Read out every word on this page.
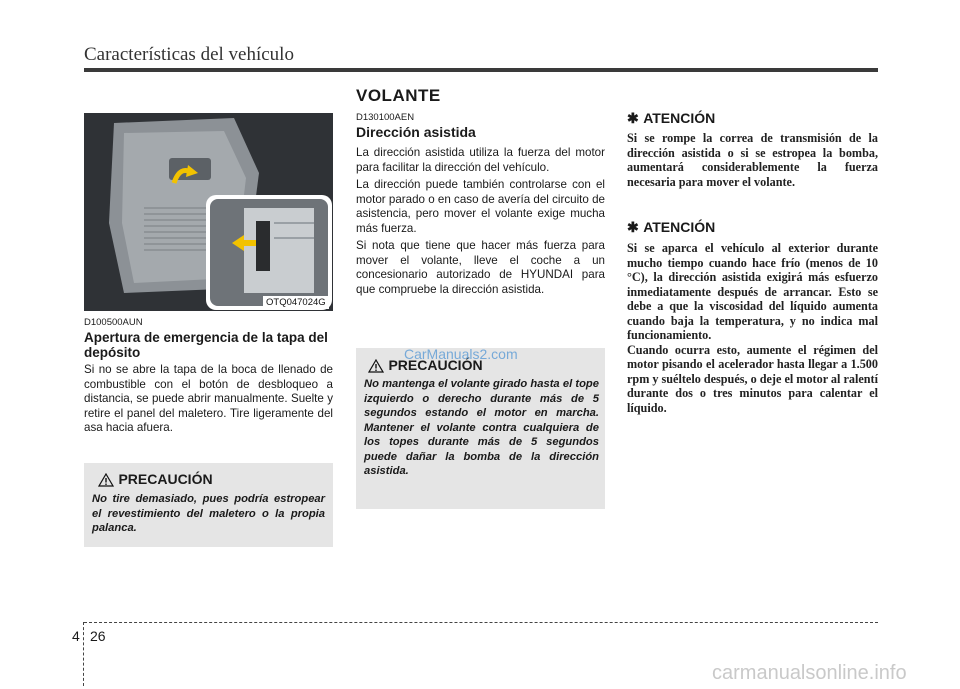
Características del vehículo
VOLANTE
OTQ047024G
D100500AUN
Apertura de emergencia de la tapa del depósito

Si no se abre la tapa de la boca de llenado de combustible con el botón de desbloqueo a distancia, se puede abrir manualmente. Suelte y retire el panel del maletero. Tire ligeramente del asa hacia afuera.

PRECAUCIÓN
No tire demasiado, pues podría estropear el revestimiento del maletero o la propia palanca.
D130100AEN
Dirección asistida

La dirección asistida utiliza la fuerza del motor para facilitar la dirección del vehículo.

La dirección puede también controlarse con el motor parado o en caso de avería del circuito de asistencia, pero mover el volante exige mucha más fuerza.

Si nota que tiene que hacer más fuerza para mover el volante, lleve el coche a un concesionario autorizado de HYUNDAI para que compruebe la dirección asistida.

PRECAUCIÓN
No mantenga el volante girado hasta el tope izquierdo o derecho durante más de 5 segundos estando el motor en marcha. Mantener el volante contra cualquiera de los topes durante más de 5 segundos puede dañar la bomba de la dirección asistida.
CarManuals2.com
✱ ATENCIÓN
Si se rompe la correa de transmisión de la dirección asistida o si se estropea la bomba, aumentará considerablemente la fuerza necesaria para mover el volante.
✱ ATENCIÓN
Si se aparca el vehículo al exterior durante mucho tiempo cuando hace frío (menos de 10 °C), la dirección asistida exigirá más esfuerzo inmediatamente después de arrancar. Esto se debe a que la viscosidad del líquido aumenta cuando baja la temperatura, y no indica mal funcionamiento.
Cuando ocurra esto, aumente el régimen del motor pisando el acelerador hasta llegar a 1.500 rpm y suéltelo después, o deje el motor al ralentí durante dos o tres minutos para calentar el líquido.
4 26
carmanualsonline.info
